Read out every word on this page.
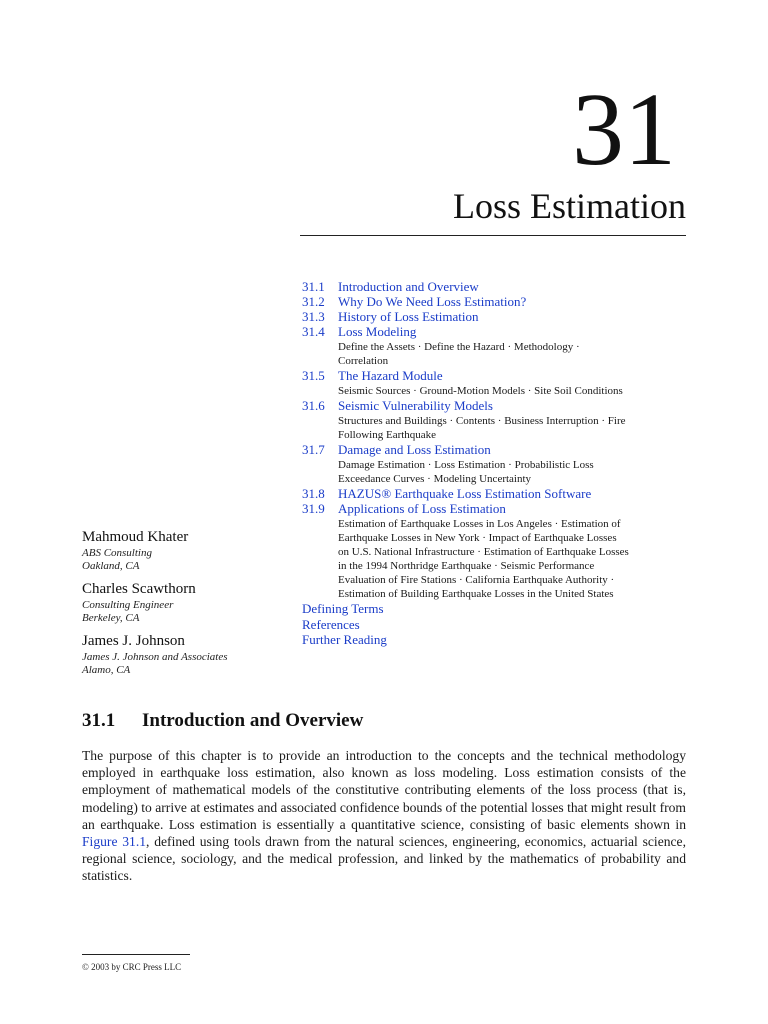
31
Loss Estimation
31.1 Introduction and Overview
31.2 Why Do We Need Loss Estimation?
31.3 History of Loss Estimation
31.4 Loss Modeling
Define the Assets · Define the Hazard · Methodology · Correlation
31.5 The Hazard Module
Seismic Sources · Ground-Motion Models · Site Soil Conditions
31.6 Seismic Vulnerability Models
Structures and Buildings · Contents · Business Interruption · Fire Following Earthquake
31.7 Damage and Loss Estimation
Damage Estimation · Loss Estimation · Probabilistic Loss Exceedance Curves · Modeling Uncertainty
31.8 HAZUS® Earthquake Loss Estimation Software
31.9 Applications of Loss Estimation
Estimation of Earthquake Losses in Los Angeles · Estimation of Earthquake Losses in New York · Impact of Earthquake Losses on U.S. National Infrastructure · Estimation of Earthquake Losses in the 1994 Northridge Earthquake · Seismic Performance Evaluation of Fire Stations · California Earthquake Authority · Estimation of Building Earthquake Losses in the United States
Defining Terms
References
Further Reading
Mahmoud Khater
ABS Consulting
Oakland, CA
Charles Scawthorn
Consulting Engineer
Berkeley, CA
James J. Johnson
James J. Johnson and Associates
Alamo, CA
31.1 Introduction and Overview

The purpose of this chapter is to provide an introduction to the concepts and the technical methodology employed in earthquake loss estimation, also known as loss modeling. Loss estimation consists of the employment of mathematical models of the constitutive contributing elements of the loss process (that is, modeling) to arrive at estimates and associated confidence bounds of the potential losses that might result from an earthquake. Loss estimation is essentially a quantitative science, consisting of basic elements shown in Figure 31.1, defined using tools drawn from the natural sciences, engineering, economics, actuarial science, regional science, sociology, and the medical profession, and linked by the mathematics of probability and statistics.

© 2003 by CRC Press LLC
